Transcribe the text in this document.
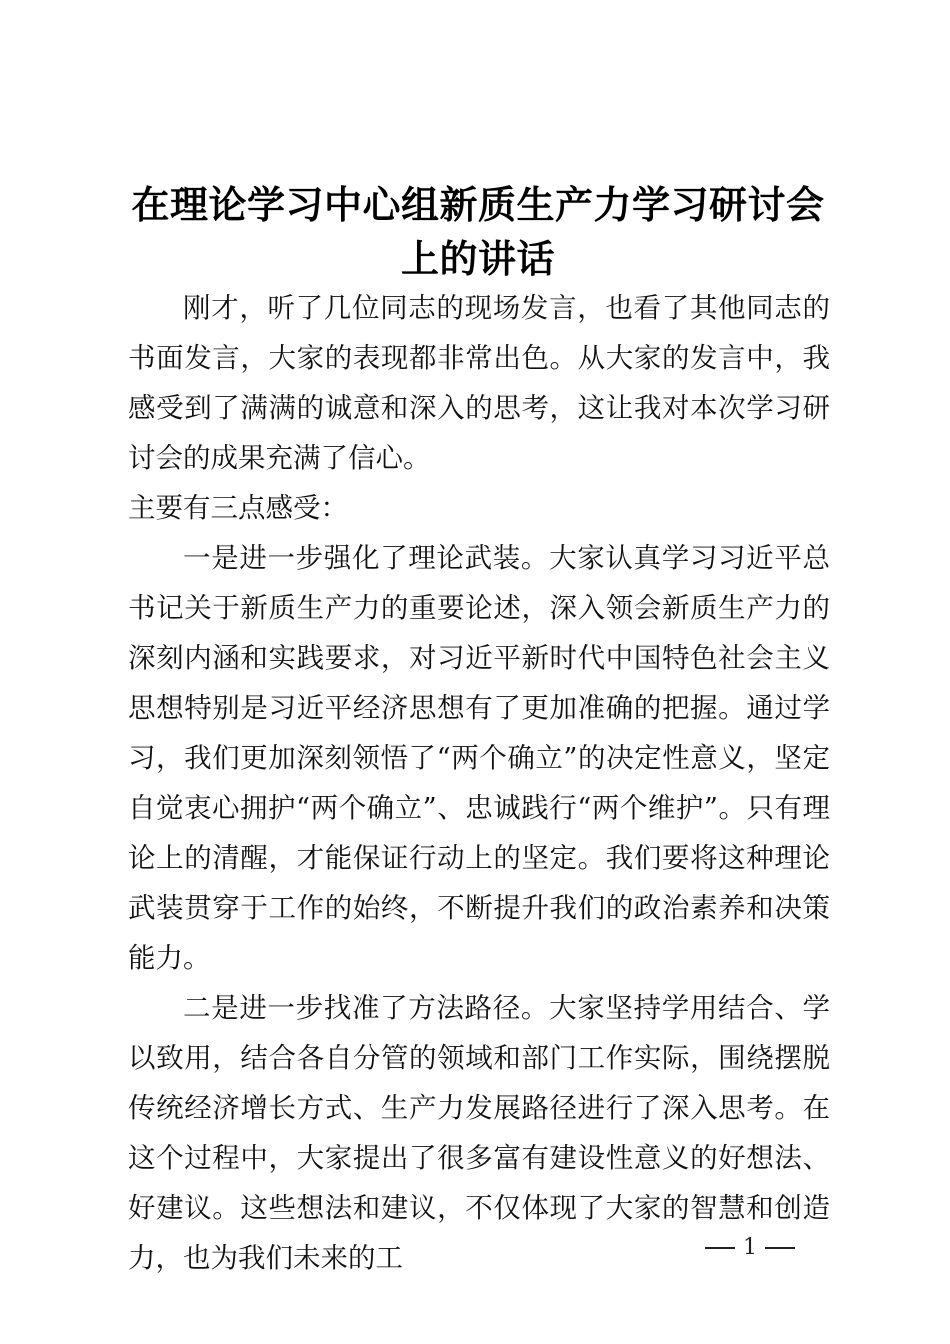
在理论学习中心组新质生产力学习研讨会上的讲话

刚才，听了几位同志的现场发言，也看了其他同志的书面发言，大家的表现都非常出色。从大家的发言中，我感受到了满满的诚意和深入的思考，这让我对本次学习研讨会的成果充满了信心。

主要有三点感受：

一是进一步强化了理论武装。大家认真学习习近平总书记关于新质生产力的重要论述，深入领会新质生产力的深刻内涵和实践要求，对习近平新时代中国特色社会主义思想特别是习近平经济思想有了更加准确的把握。通过学习，我们更加深刻领悟了“两个确立”的决定性意义，坚定自觉衷心拥护“两个确立”、忠诚践行“两个维护”。只有理论上的清醒，才能保证行动上的坚定。我们要将这种理论武装贯穿于工作的始终，不断提升我们的政治素养和决策能力。

二是进一步找准了方法路径。大家坚持学用结合、学以致用，结合各自分管的领域和部门工作实际，围绕摆脱传统经济增长方式、生产力发展路径进行了深入思考。在这个过程中，大家提出了很多富有建设性意义的好想法、好建议。这些想法和建议，不仅体现了大家的智慧和创造力，也为我们未来的工	1
